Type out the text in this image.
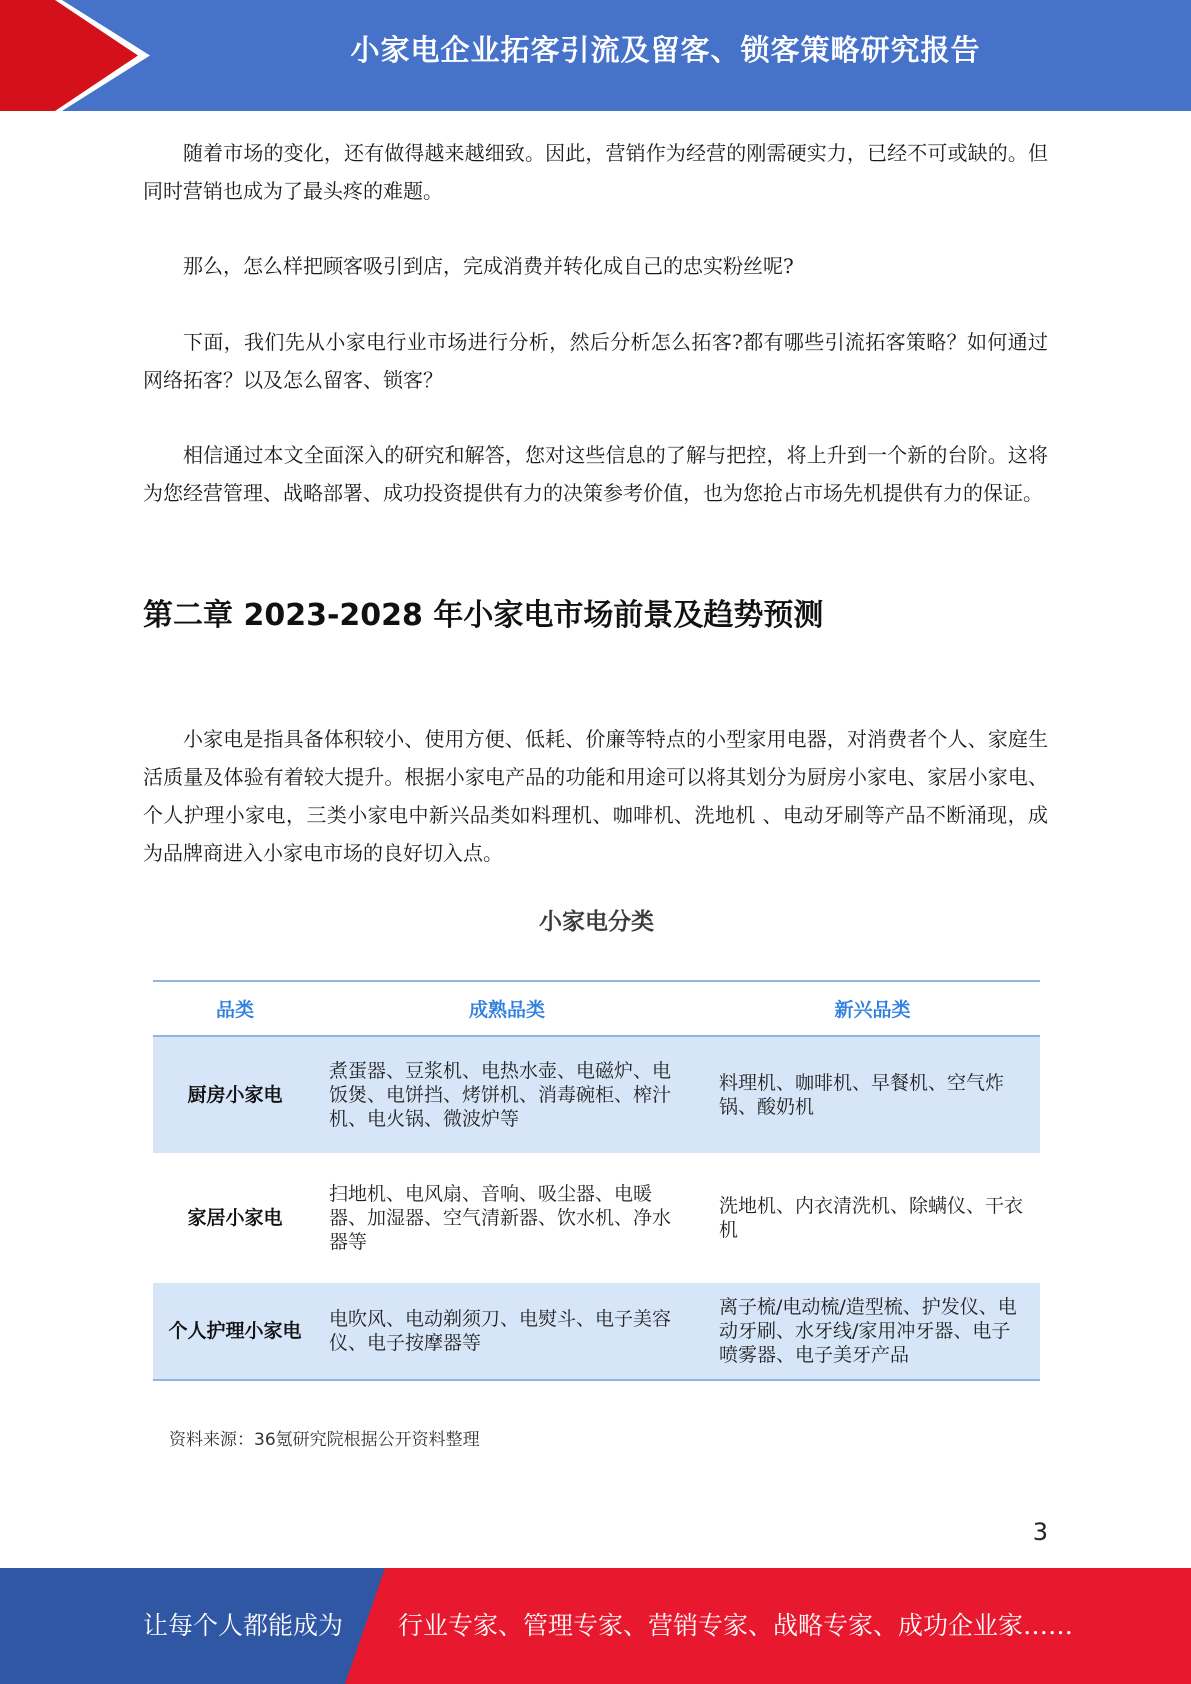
小家电企业拓客引流及留客、锁客策略研究报告

随着市场的变化，还有做得越来越细致。因此，营销作为经营的刚需硬实力，已经不可或缺的。但同时营销也成为了最头疼的难题。

那么，怎么样把顾客吸引到店，完成消费并转化成自己的忠实粉丝呢?

下面，我们先从小家电行业市场进行分析，然后分析怎么拓客?都有哪些引流拓客策略？如何通过网络拓客？以及怎么留客、锁客？

相信通过本文全面深入的研究和解答，您对这些信息的了解与把控，将上升到一个新的台阶。这将为您经营管理、战略部署、成功投资提供有力的决策参考价值，也为您抢占市场先机提供有力的保证。

第二章 2023-2028 年小家电市场前景及趋势预测

小家电是指具备体积较小、使用方便、低耗、价廉等特点的小型家用电器，对消费者个人、家庭生活质量及体验有着较大提升。根据小家电产品的功能和用途可以将其划分为厨房小家电、家居小家电、个人护理小家电，三类小家电中新兴品类如料理机、咖啡机、洗地机 、电动牙刷等产品不断涌现，成为品牌商进入小家电市场的良好切入点。

小家电分类
品类	成熟品类	新兴品类
厨房小家电
煮蛋器、豆浆机、电热水壶、电磁炉、电饭煲、电饼挡、烤饼机、消毒碗柜、榨汁机、电火锅、微波炉等
料理机、咖啡机、早餐机、空气炸锅、酸奶机
家居小家电
扫地机、电风扇、音响、吸尘器、电暖器、加湿器、空气清新器、饮水机、净水器等
洗地机、内衣清洗机、除螨仪、干衣机
个人护理小家电
电吹风、电动剃须刀、电熨斗、电子美容仪、电子按摩器等
离子梳/电动梳/造型梳、护发仪、电动牙刷、水牙线/家用冲牙器、电子喷雾器、电子美牙产品
资料来源：36氪研究院根据公开资料整理
3
让每个人都能成为 行业专家、管理专家、营销专家、战略专家、成功企业家……
